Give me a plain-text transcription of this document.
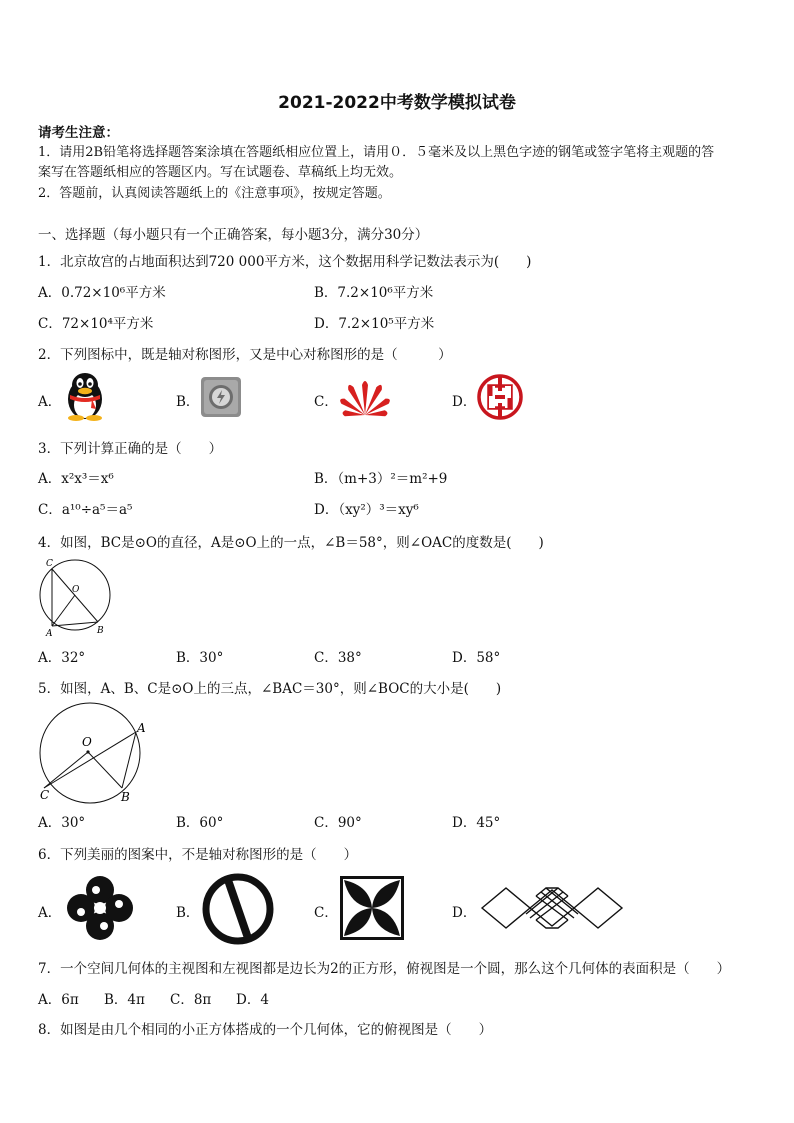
2021-2022中考数学模拟试卷
请考生注意：
1．请用2B铅笔将选择题答案涂填在答题纸相应位置上，请用０．５毫米及以上黑色字迹的钢笔或签字笔将主观题的答
案写在答题纸相应的答题区内。写在试题卷、草稿纸上均无效。
2．答题前，认真阅读答题纸上的《注意事项》，按规定答题。
一、选择题（每小题只有一个正确答案，每小题3分，满分30分）
1．北京故宫的占地面积达到720 000平方米，这个数据用科学记数法表示为(　　)
A．0.72×10⁶平方米	B．7.2×10⁶平方米
C．72×10⁴平方米	D．7.2×10⁵平方米
2．下列图标中，既是轴对称图形，又是中心对称图形的是（　　　）
A．	B．	C．	D．
3．下列计算正确的是（　　）
A．x²x³＝x⁶	B．（m+3）²＝m²+9
C．a¹⁰÷a⁵＝a⁵	D．（xy²）³＝xy⁶
4．如图，BC是⊙O的直径，A是⊙O上的一点，∠B＝58°，则∠OAC的度数是(　　)
C
O
A	B
A．32°	B．30°	C．38°	D．58°
5．如图，A、B、C是⊙O上的三点，∠BAC＝30°，则∠BOC的大小是(　　)
O
A
B
C
A．30°	B．60°	C．90°	D．45°
6．下列美丽的图案中，不是轴对称图形的是（　　）
A．	B．	C．	D．
7．一个空间几何体的主视图和左视图都是边长为2的正方形，俯视图是一个圆，那么这个几何体的表面积是（　　）
A．6π B．4π C．8π D．4
8．如图是由几个相同的小正方体搭成的一个几何体，它的俯视图是（　　）
